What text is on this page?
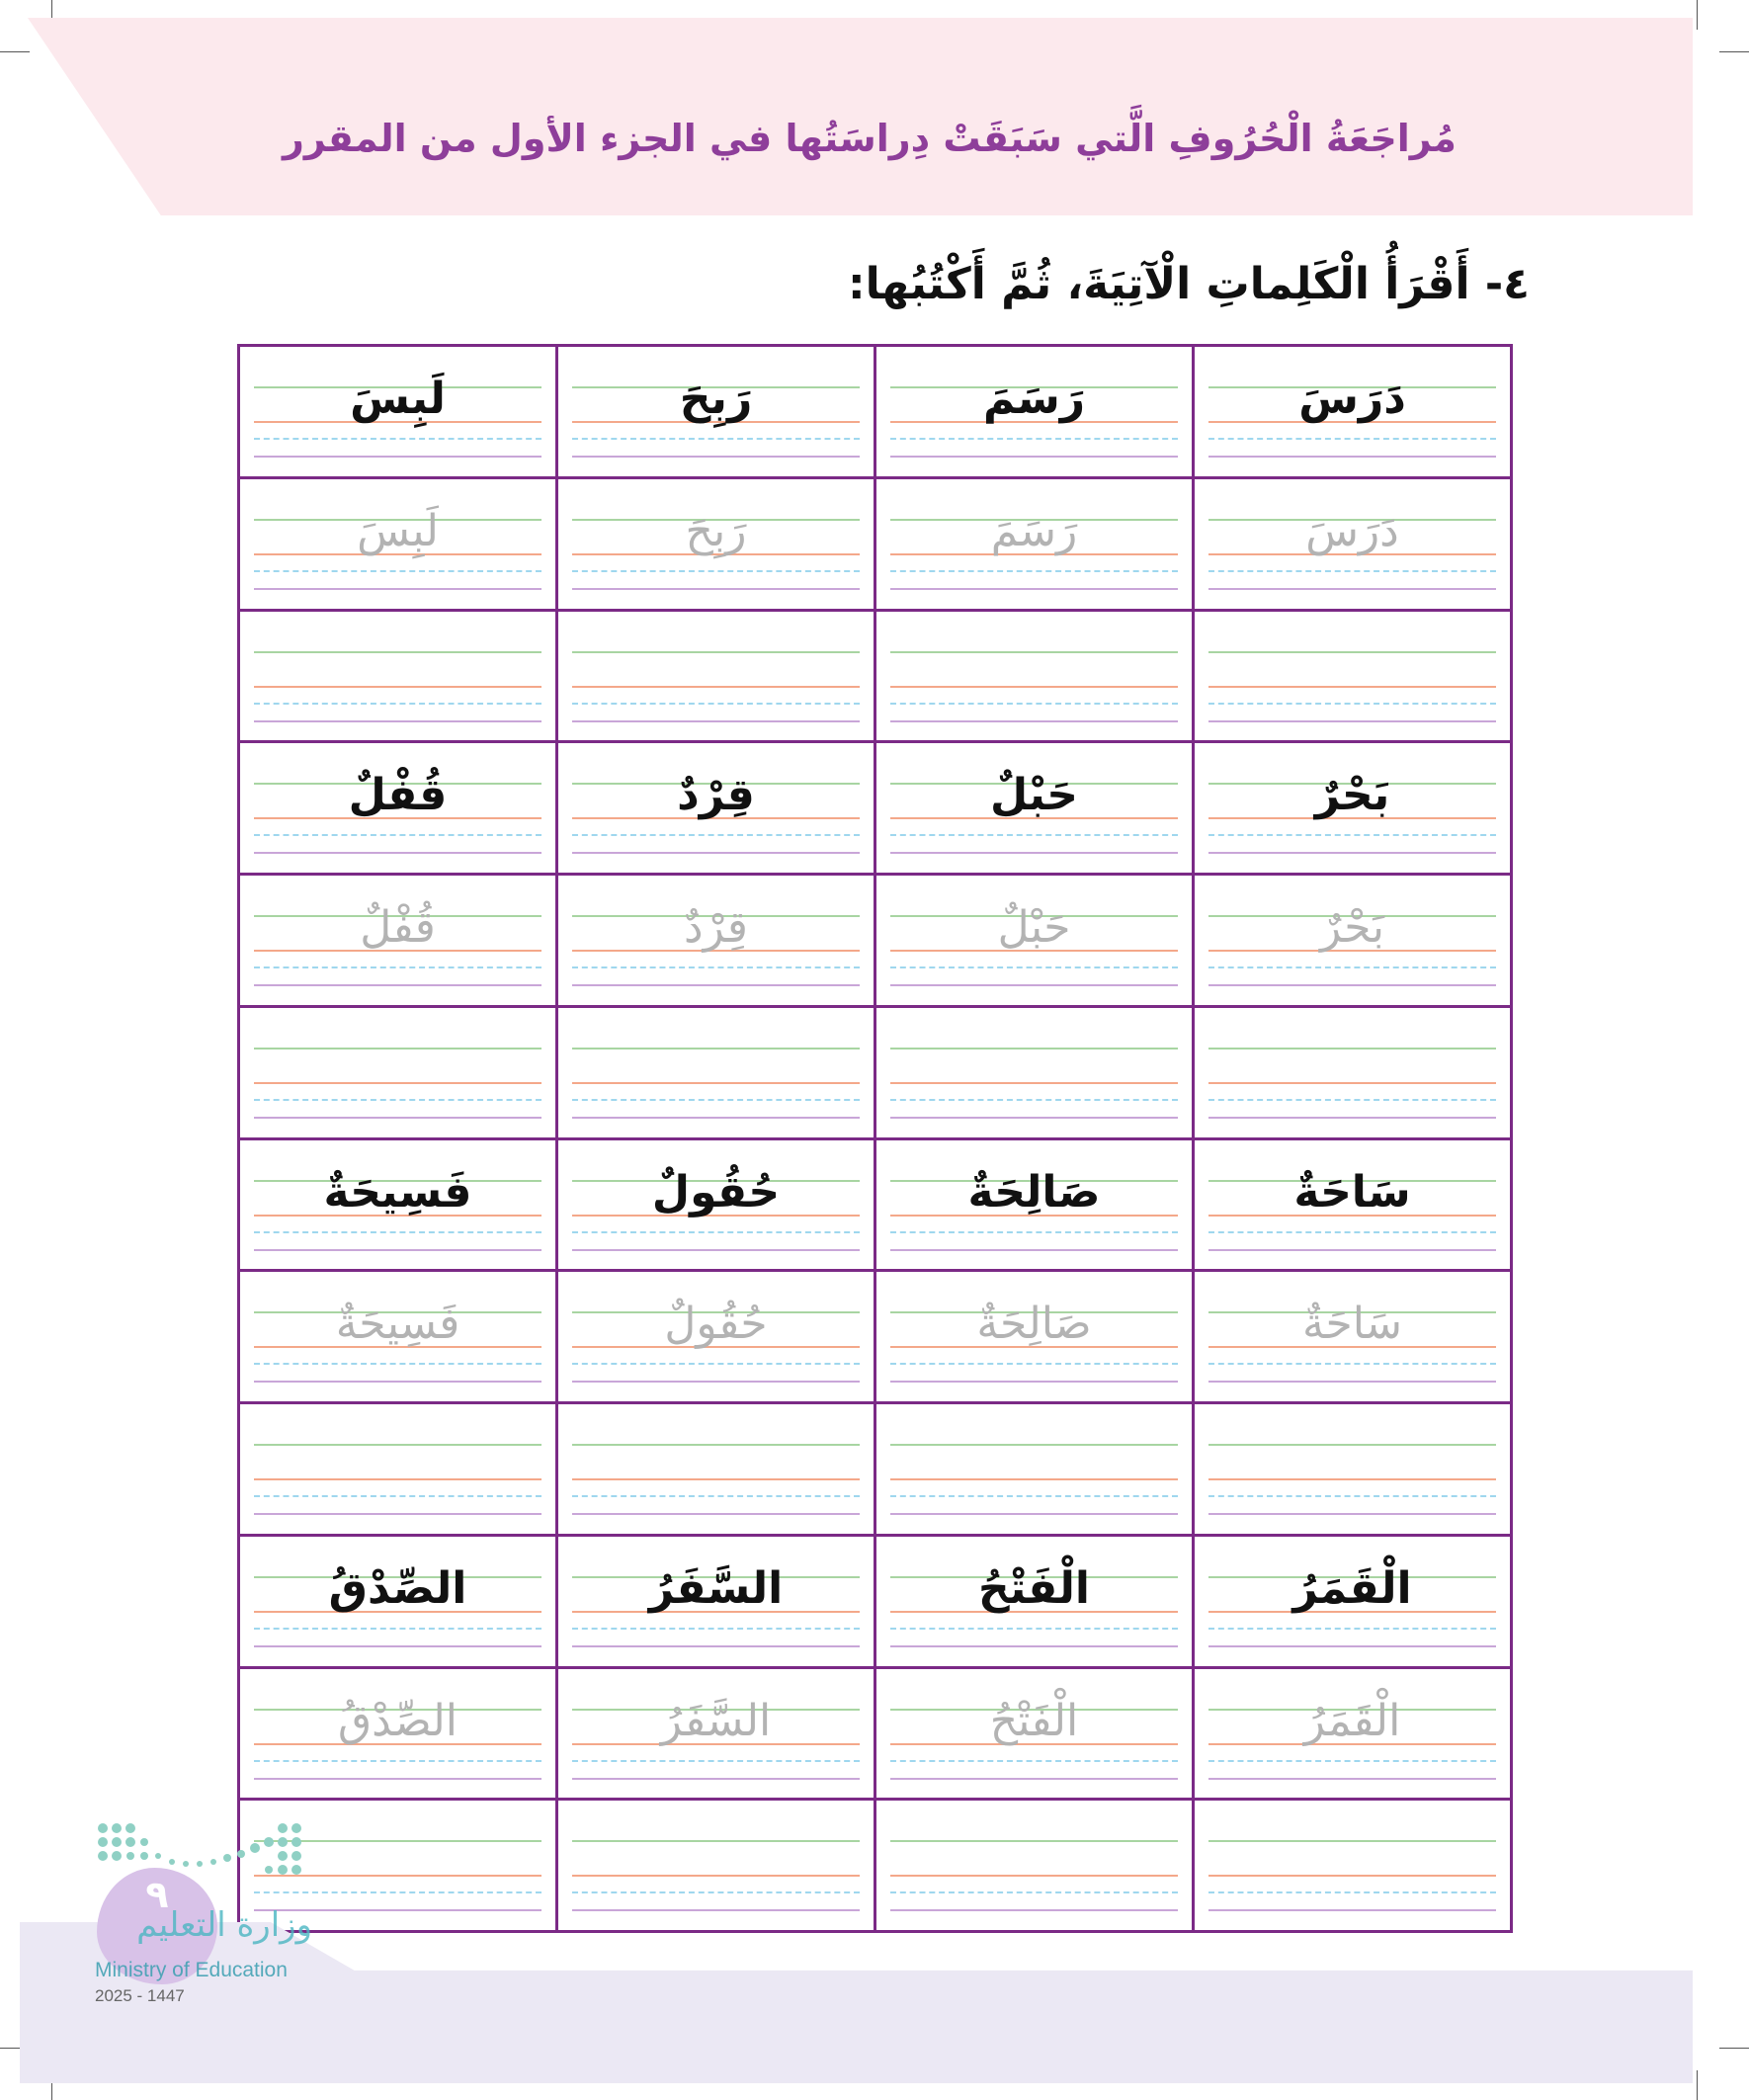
مُراجَعَةُ الْحُرُوفِ الَّتي سَبَقَتْ دِراسَتُها في الجزء الأول من المقرر
٤- أَقْرَأُ الْكَلِماتِ الْآتِيَةَ، ثُمَّ أَكْتُبُها:
دَرَسَ
رَسَمَ
رَبِحَ
لَبِسَ
دَرَسَ
رَسَمَ
رَبِحَ
لَبِسَ
بَحْرٌ
حَبْلٌ
قِرْدٌ
قُفْلٌ
بَحْرٌ
حَبْلٌ
قِرْدٌ
قُفْلٌ
سَاحَةٌ
صَالِحَةٌ
حُقُولٌ
فَسِيحَةٌ
سَاحَةٌ
صَالِحَةٌ
حُقُولٌ
فَسِيحَةٌ
الْقَمَرُ
الْفَتْحُ
السَّفَرُ
الصِّدْقُ
الْقَمَرُ
الْفَتْحُ
السَّفَرُ
الصِّدْقُ
٩
وزارة التعليم
Ministry of Education
2025 - 1447
